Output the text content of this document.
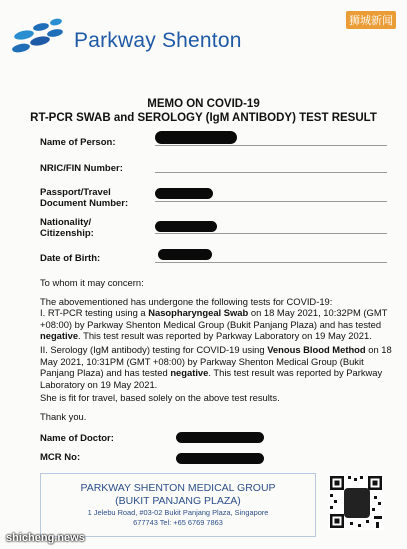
Parkway Shenton
狮城新闻
MEMO ON COVID-19
RT-PCR SWAB and SEROLOGY (IgM ANTIBODY) TEST RESULT
Name of Person:
NRIC/FIN Number:
Passport/Travel
Document Number:
Nationality/
Citizenship:
Date of Birth:
To whom it may concern:
The abovementioned has undergone the following tests for COVID-19:
I. RT-PCR testing using a Nasopharyngeal Swab on 18 May 2021, 10:32PM (GMT +08:00) by Parkway Shenton Medical Group (Bukit Panjang Plaza) and has tested negative. This test result was reported by Parkway Laboratory on 19 May 2021.
II. Serology (IgM antibody) testing for COVID-19 using Venous Blood Method on 18 May 2021, 10:31PM (GMT +08:00) by Parkway Shenton Medical Group (Bukit Panjang Plaza) and has tested negative. This test result was reported by Parkway Laboratory on 19 May 2021.
She is fit for travel, based solely on the above test results.
Thank you.
Name of Doctor:
MCR No:
PARKWAY SHENTON MEDICAL GROUP
(BUKIT PANJANG PLAZA)
1 Jelebu Road, #03-02 Bukit Panjang Plaza, Singapore
677743 Tel: +65 6769 7863
shicheng.news
